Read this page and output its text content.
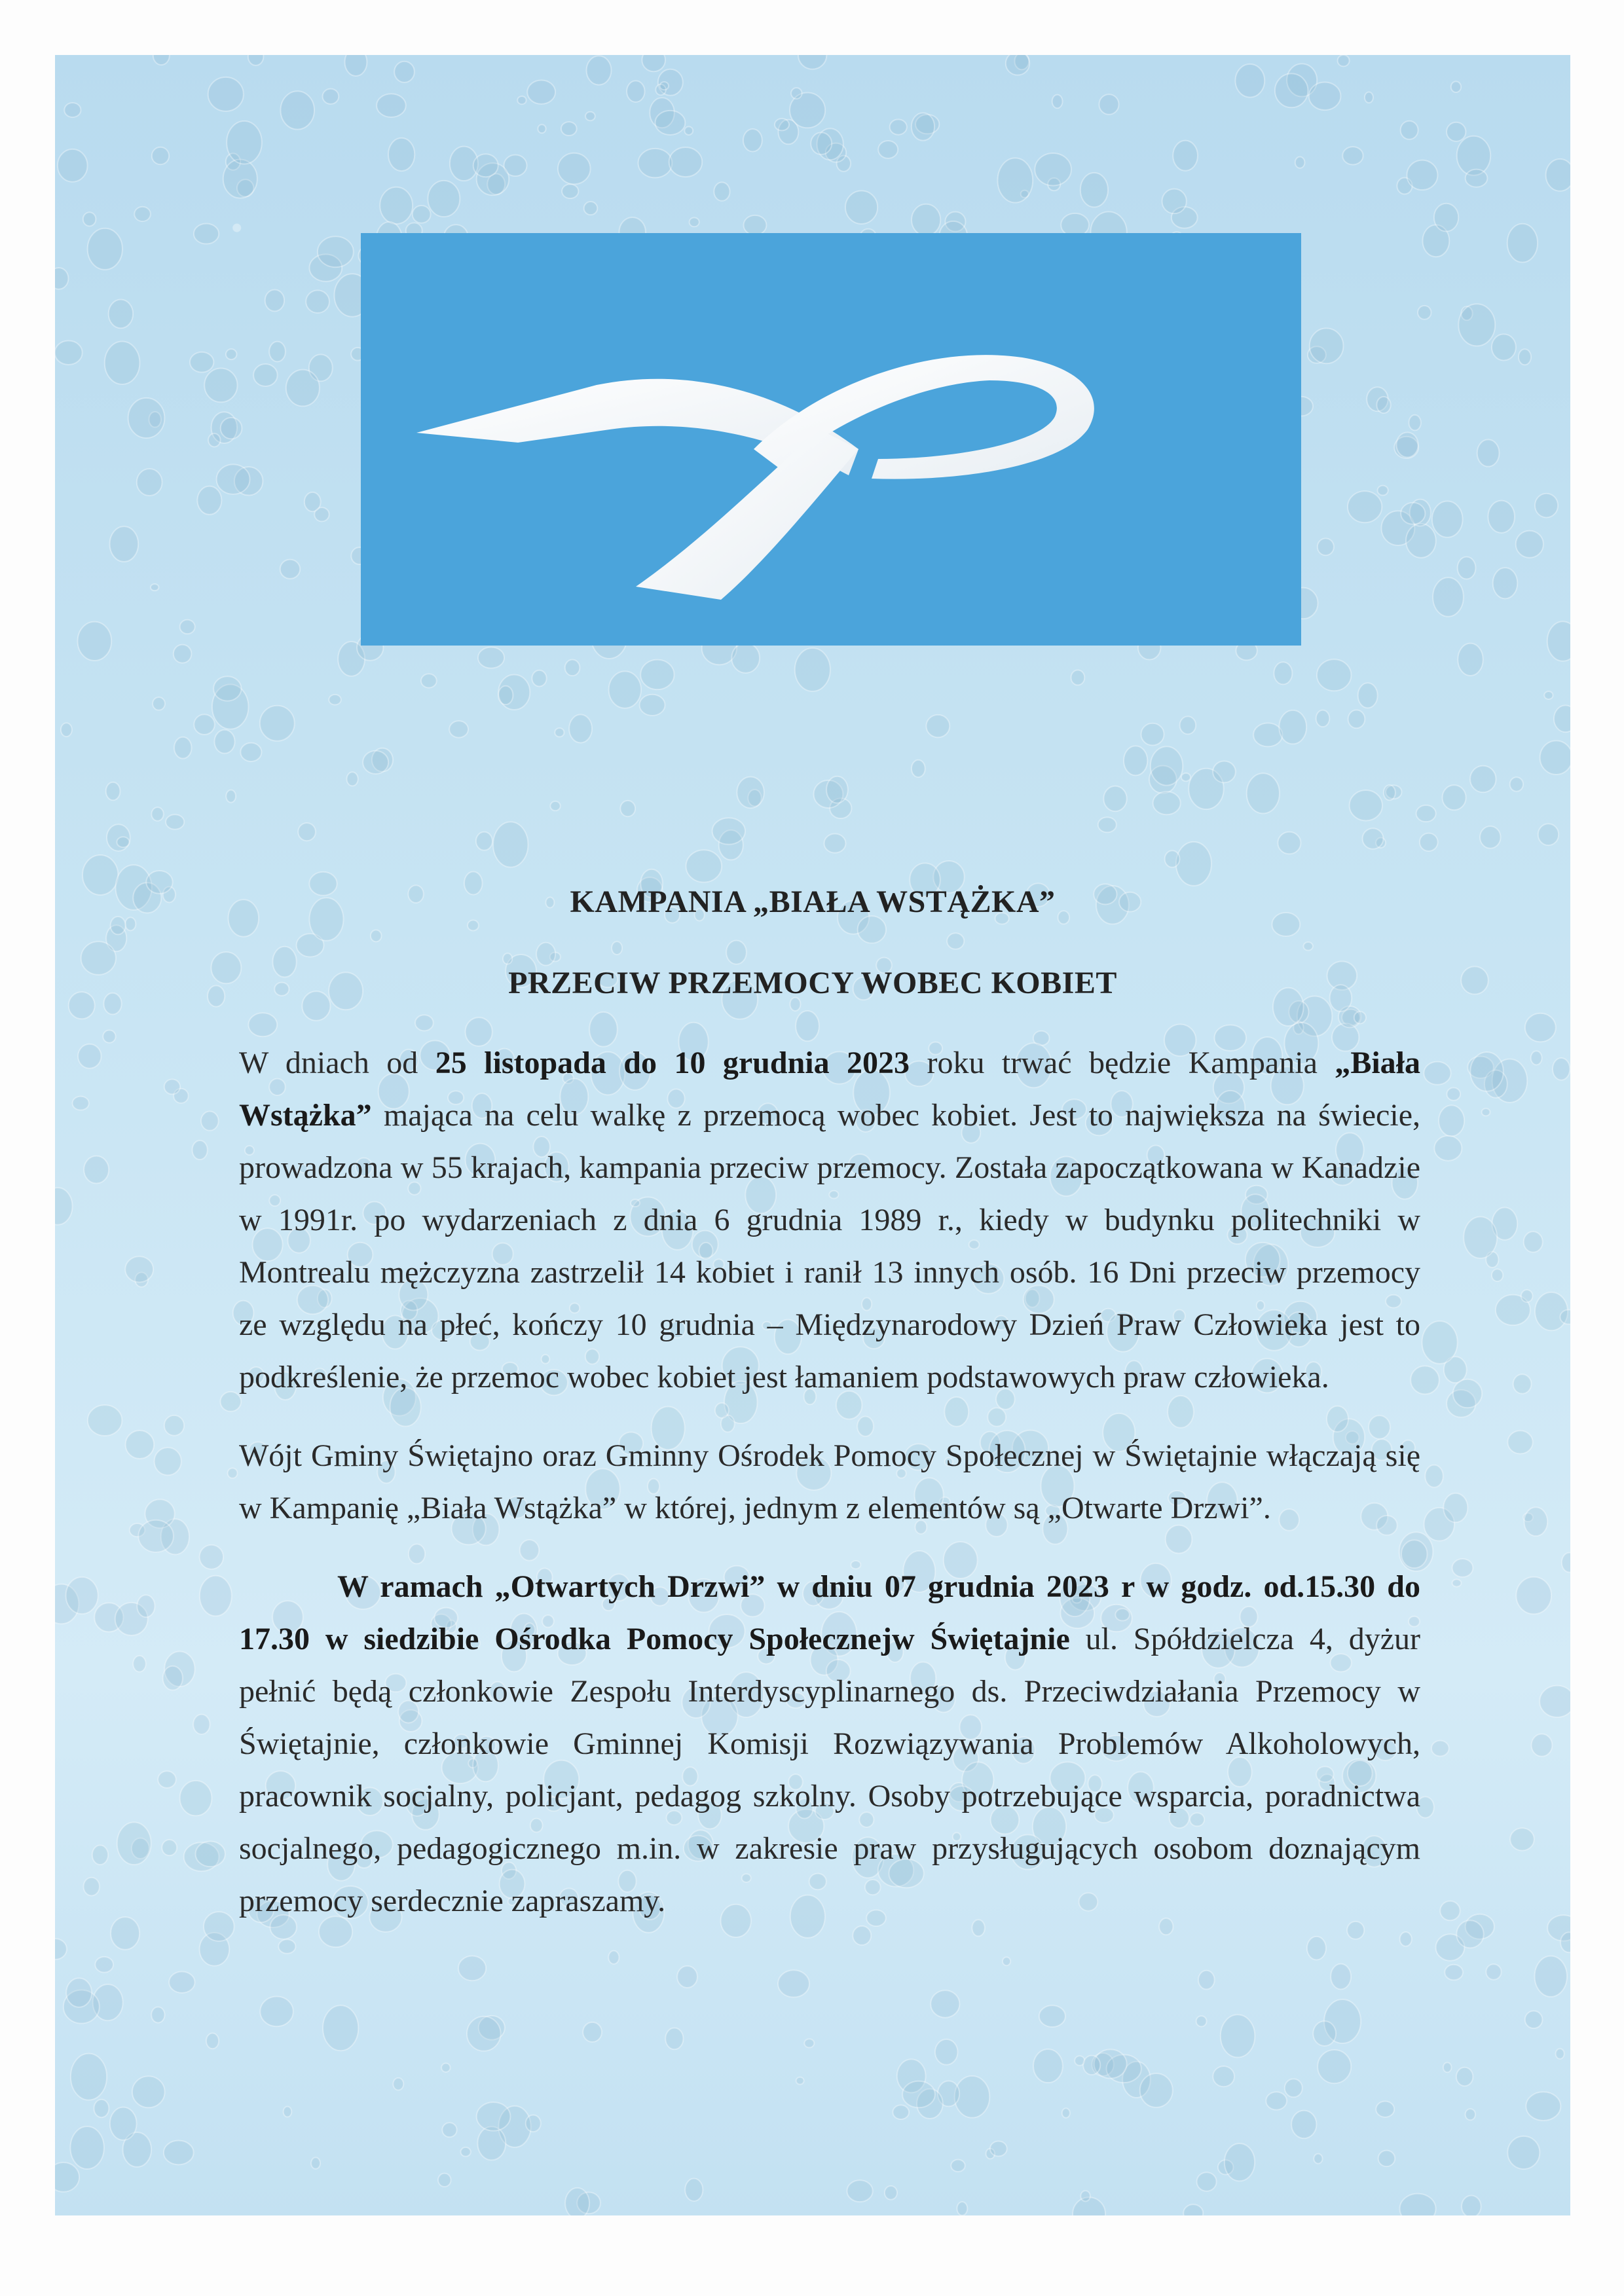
KAMPANIA „BIAŁA WSTĄŻKA”
PRZECIW PRZEMOCY WOBEC KOBIET

W dniach od 25 listopada do 10 grudnia 2023 roku trwać będzie Kampania „Biała Wstążka” mająca na celu walkę z przemocą wobec kobiet. Jest to największa na świecie, prowadzona w 55 krajach, kampania przeciw przemocy. Została zapoczątkowana w Kanadzie w 1991r. po wydarzeniach z dnia 6 grudnia 1989 r., kiedy w budynku politechniki w Montrealu mężczyzna zastrzelił 14 kobiet i ranił 13 innych osób. 16 Dni przeciw przemocy ze względu na płeć, kończy 10 grudnia – Międzynarodowy Dzień Praw Człowieka jest to podkreślenie, że przemoc wobec kobiet jest łamaniem podstawowych praw człowieka.

Wójt Gminy Świętajno oraz Gminny Ośrodek Pomocy Społecznej w Świętajnie włączają się w Kampanię „Biała Wstążka” w której, jednym z elementów są „Otwarte Drzwi”.

W ramach „Otwartych Drzwi” w dniu 07 grudnia 2023 r w godz. od.15.30 do 17.30 w siedzibie Ośrodka Pomocy Społecznejw Świętajnie ul. Spółdzielcza 4, dyżur pełnić będą członkowie Zespołu Interdyscyplinarnego ds. Przeciwdziałania Przemocy w Świętajnie, członkowie Gminnej Komisji Rozwiązywania Problemów Alkoholowych, pracownik socjalny, policjant, pedagog szkolny. Osoby potrzebujące wsparcia, poradnictwa socjalnego, pedagogicznego m.in. w zakresie praw przysługujących osobom doznającym przemocy serdecznie zapraszamy.
